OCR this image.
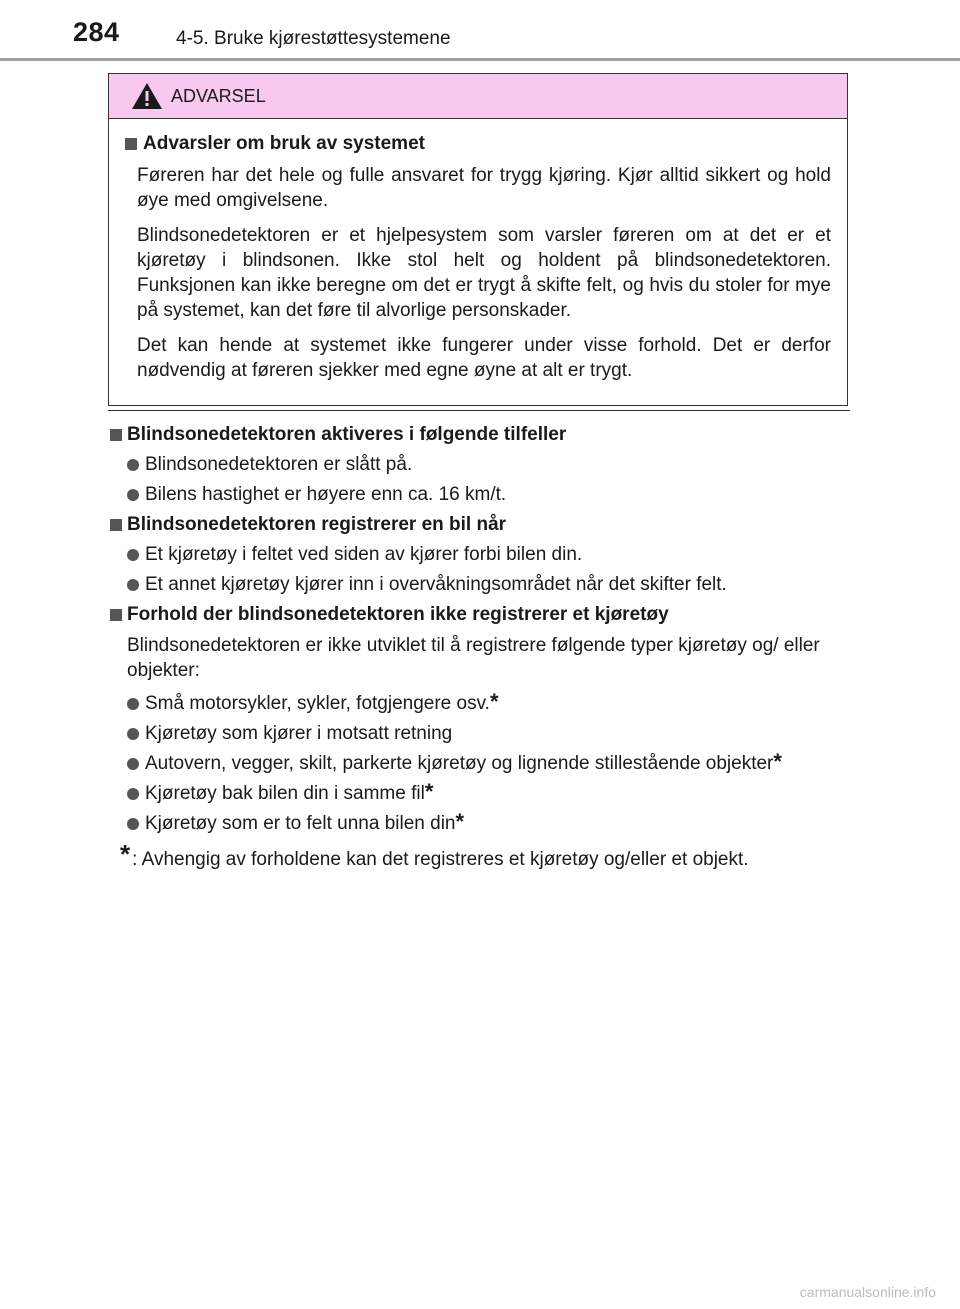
284	4-5. Bruke kjørestøttesystemene
ADVARSEL
Advarsler om bruk av systemet

Føreren har det hele og fulle ansvaret for trygg kjøring. Kjør alltid sikkert og hold øye med omgivelsene.

Blindsonedetektoren er et hjelpesystem som varsler føreren om at det er et kjøretøy i blindsonen. Ikke stol helt og holdent på blindsonedetektoren. Funksjonen kan ikke beregne om det er trygt å skifte felt, og hvis du stoler for mye på systemet, kan det føre til alvorlige personskader.

Det kan hende at systemet ikke fungerer under visse forhold. Det er derfor nødvendig at føreren sjekker med egne øyne at alt er trygt.

Blindsonedetektoren aktiveres i følgende tilfeller
Blindsonedetektoren er slått på.
Bilens hastighet er høyere enn ca. 16 km/t.
Blindsonedetektoren registrerer en bil når
Et kjøretøy i feltet ved siden av kjører forbi bilen din.
Et annet kjøretøy kjører inn i overvåkningsområdet når det skifter felt.
Forhold der blindsonedetektoren ikke registrerer et kjøretøy

Blindsonedetektoren er ikke utviklet til å registrere følgende typer kjøretøy og/ eller objekter:

Små motorsykler, sykler, fotgjengere osv.*
Kjøretøy som kjører i motsatt retning
Autovern, vegger, skilt, parkerte kjøretøy og lignende stillestående objekter*
Kjøretøy bak bilen din i samme fil*
Kjøretøy som er to felt unna bilen din*
* : Avhengig av forholdene kan det registreres et kjøretøy og/eller et objekt.
carmanualsonline.info
